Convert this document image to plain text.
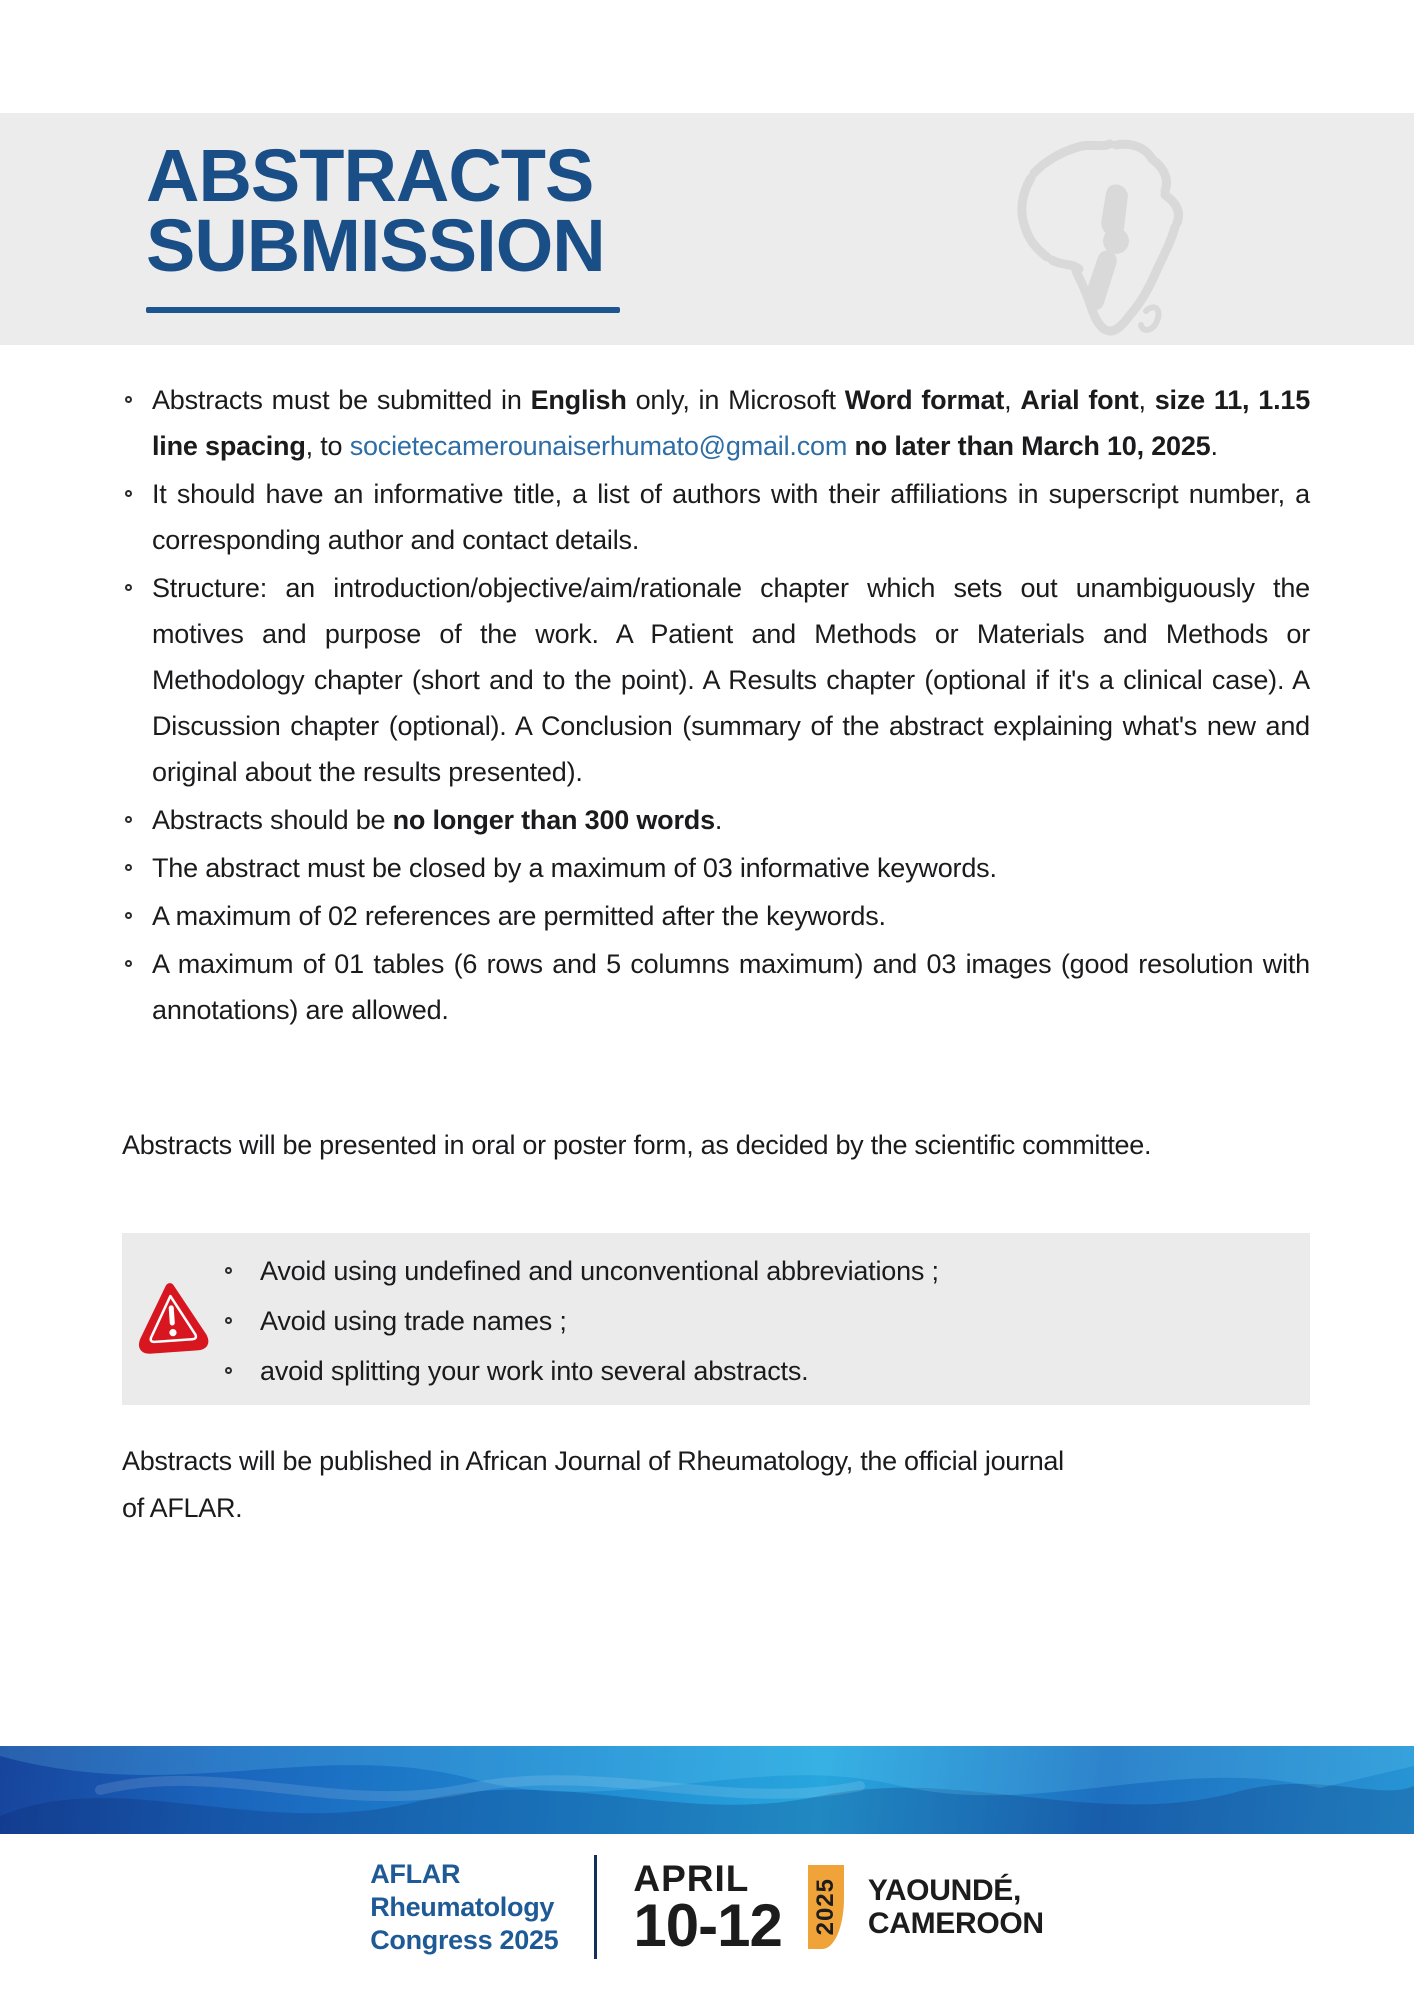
ABSTRACTS
SUBMISSION
Abstracts must be submitted in English only, in Microsoft Word format, Arial font, size 11, 1.15 line spacing, to societecamerounaiserhumato@gmail.com no later than March 10, 2025.
It should have an informative title, a list of authors with their affiliations in superscript number, a corresponding author and contact details.
Structure: an introduction/objective/aim/rationale chapter which sets out unambiguously the motives and purpose of the work. A Patient and Methods or Materials and Methods or Methodology chapter (short and to the point). A Results chapter (optional if it's a clinical case). A Discussion chapter (optional). A Conclusion (summary of the abstract explaining what's new and original about the results presented).
Abstracts should be no longer than 300 words.
The abstract must be closed by a maximum of 03 informative keywords.
A maximum of 02 references are permitted after the keywords.
A maximum of 01 tables (6 rows and 5 columns maximum) and 03 images (good resolution with annotations) are allowed.

Abstracts will be presented in oral or poster form, as decided by the scientific committee.

Avoid using undefined and unconventional abbreviations ;
Avoid using trade names ;
avoid splitting your work into several abstracts.

Abstracts will be published in African Journal of Rheumatology, the official journal
of AFLAR.

AFLAR
Rheumatology
Congress 2025
APRIL
10-12 2025 YAOUNDÉ,
CAMEROON
